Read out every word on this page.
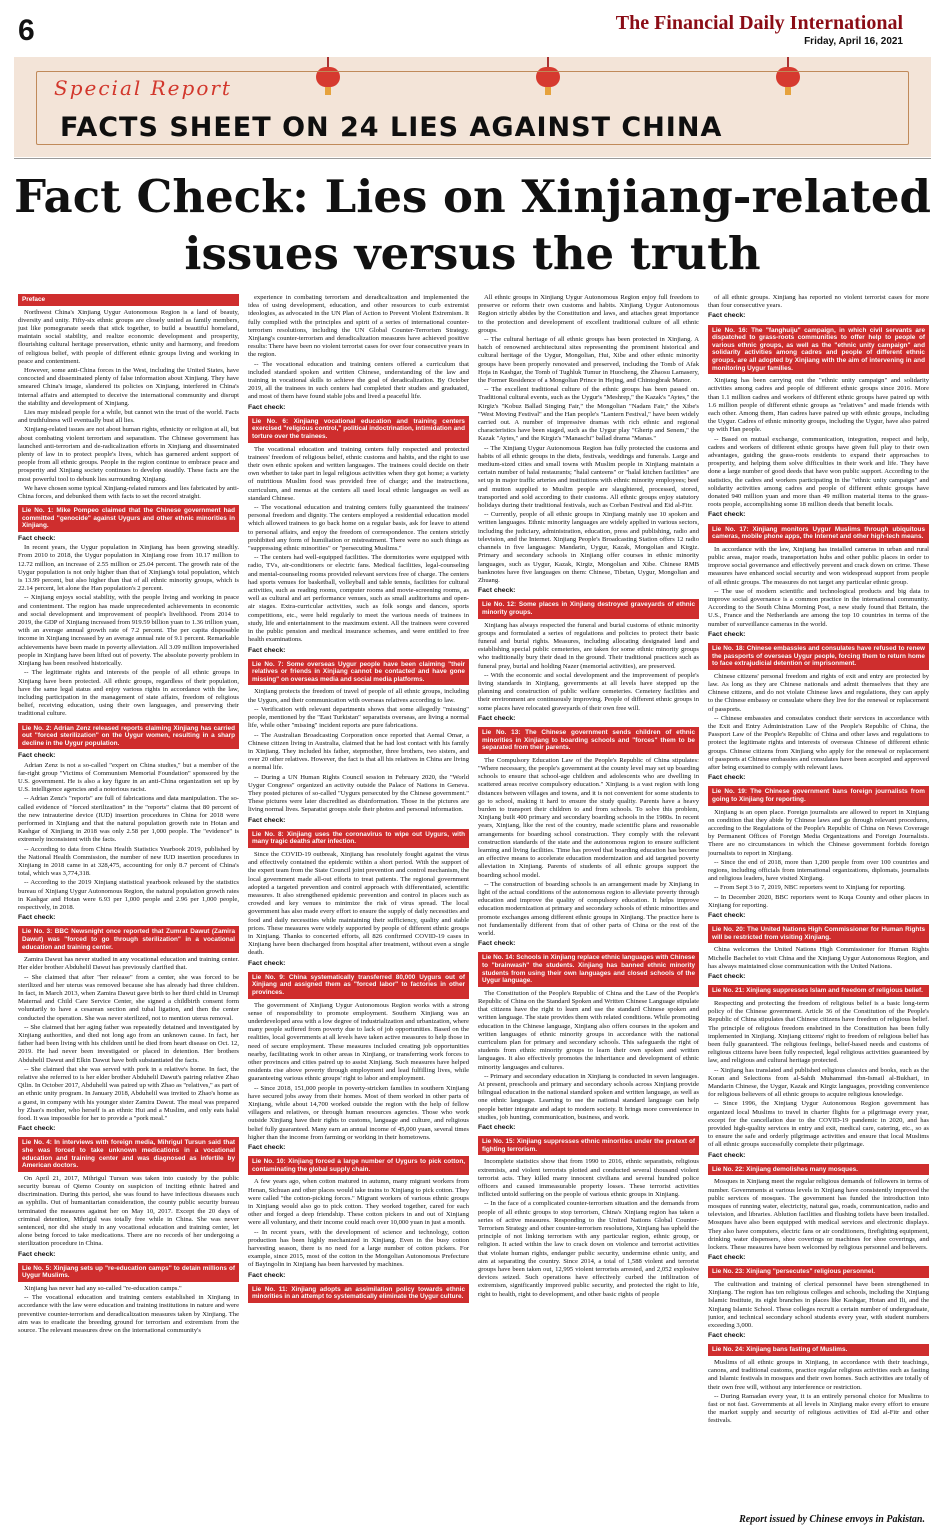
6	The Financial Daily International
Friday, April 16, 2021
Special Report
FACTS SHEET ON 24 LIES AGAINST CHINA
Fact Check: Lies on Xinjiang-related
issues versus the truth
Preface

Northwest China's Xinjiang Uygur Autonomous Region is a land of beauty, diversity and unity. Fifty-six ethnic groups are closely united as family members, just like pomegranate seeds that stick together, to build a beautiful homeland, maintain social stability, and realize economic development and prosperity, flourishing cultural heritage preservation, ethnic unity and harmony, and freedom of religious belief, with people of different ethnic groups living and working in peace and contentment.

However, some anti-China forces in the West, including the United States, have concocted and disseminated plenty of false information about Xinjiang. They have smeared China's image, slandered its policies on Xinjiang, interfered in China's internal affairs and attempted to deceive the international community and disrupt the stability and development of Xinjiang.

Lies may mislead people for a while, but cannot win the trust of the world. Facts and truthfulness will eventually bust all lies.

Xinjiang-related issues are not about human rights, ethnicity or religion at all, but about combating violent terrorism and separatism. The Chinese government has launched anti-terrorism and de-radicalization efforts in Xinjiang and disseminated plenty of law in to protect people's lives, which has garnered ardent support of people from all ethnic groups. People in the region continue to embrace peace and prosperity and Xinjiang society continues to develop steadily. These facts are the most powerful tool to debunk lies surrounding Xinjiang.

We have chosen some typical Xinjiang-related rumors and lies fabricated by anti-China forces, and debunked them with facts to set the record straight.

Lie No. 1: Mike Pompeo claimed that the Chinese government had committed "genocide" against Uygurs and other ethnic minorities in Xinjiang.
Fact check:

In recent years, the Uygur population in Xinjiang has been growing steadily. From 2010 to 2018, the Uygur population in Xinjiang rose from 10.17 million to 12.72 million, an increase of 2.55 million or 25.04 percent. The growth rate of the Uygur population is not only higher than that of Xinjiang's total population, which is 13.99 percent, but also higher than that of all ethnic minority groups, which is 22.14 percent, let alone the Han population's 2 percent.

-- Xinjiang enjoys social stability, with the people living and working in peace and contentment. The region has made unprecedented achievements in economic and social development and improvement of people's livelihood. From 2014 to 2019, the GDP of Xinjiang increased from 919.59 billion yuan to 1.36 trillion yuan, with an average annual growth rate of 7.2 percent. The per capita disposable income in Xinjiang increased by an average annual rate of 9.1 percent. Remarkable achievements have been made in poverty alleviation. All 3.09 million impoverished people in Xinjiang have been lifted out of poverty. The absolute poverty problem in Xinjiang has been resolved historically.

-- The legitimate rights and interests of the people of all ethnic groups in Xinjiang have been protected. All ethnic groups, regardless of their population, have the same legal status and enjoy various rights in accordance with the law, including participation in the management of state affairs, freedom of religious belief, receiving education, using their own languages, and preserving their traditional culture.

Lie No. 2: Adrian Zenz released reports claiming Xinjiang has carried out "forced sterilization" on the Uygur women, resulting in a sharp decline in the Uygur population.
Fact check:

Adrian Zenz is not a so-called "expert on China studies," but a member of the far-right group "Victims of Communism Memorial Foundation" sponsored by the U.S. government. He is also a key figure in an anti-China organization set up by U.S. intelligence agencies and a notorious racist.

-- Adrian Zenz's "reports" are full of fabrications and data manipulation. The so-called evidence of "forced sterilization" in the "reports" claims that 80 percent of the new intrauterine device (IUD) insertion procedures in China for 2018 were performed in Xinjiang and that the natural population growth rate in Hotan and Kashgar of Xinjiang in 2018 was only 2.58 per 1,000 people. The "evidence" is extremely inconsistent with the facts.

-- According to data from China Health Statistics Yearbook 2019, published by the National Health Commission, the number of new IUD insertion procedures in Xinjiang in 2018 came in at 328,475, accounting for only 8.7 percent of China's total, which was 3,774,318.

-- According to the 2019 Xinjiang statistical yearbook released by the statistics bureau of Xinjiang Uygur Autonomous Region, the natural population growth rates in Kashgar and Hotan were 6.93 per 1,000 people and 2.96 per 1,000 people, respectively, in 2018.

Fact check:
Lie No. 3: BBC Newsnight once reported that Zumrat Dawut (Zamira Dawut) was "forced to go through sterilization" in a vocational education and training center.

Zamira Dawut has never studied in any vocational education and training center. Her elder brother Abduhelil Dawut has previously clarified that.

-- She claimed that after "her release" from a center, she was forced to be sterilized and her uterus was removed because she has already had three children. In fact, in March 2013, when Zamira Dawut gave birth to her third child in Urumqi Maternal and Child Care Service Center, she signed a childbirth consent form voluntarily to have a cesarean section and tubal ligation, and then the center conducted the operation. She was never sterilized, not to mention uterus removal.

-- She claimed that her aging father was repeatedly detained and investigated by Xinjiang authorities, and died not long ago from an unknown cause. In fact, her father had been living with his children until he died from heart disease on Oct. 12, 2019. He had never been investigated or placed in detention. Her brothers Abduhelil Dawut and Elkin Dawut have both substantiated the facts.

-- She claimed that she was served with pork in a relative's home. In fact, the relative she referred to is her elder brother Abduhelil Dawut's pairing relative Zhao Qilin. In October 2017, Abduhelil was paired up with Zhao as "relatives," as part of an ethnic unity program. In January 2018, Abduhelil was invited to Zhao's home as a guest, in company with his younger sister Zamira Dawut. The meal was prepared by Zhao's mother, who herself is an ethnic Hui and a Muslim, and only eats halal food. It was impossible for her to provide a "pork meal."

Fact check:
Lie No. 4: In interviews with foreign media, Mihrigul Tursun said that she was forced to take unknown medications in a vocational education and training center and was diagnosed as infertile by American doctors.

On April 21, 2017, Mihrigul Tursun was taken into custody by the public security bureau of Qiemo County on suspicion of inciting ethnic hatred and discrimination. During this period, she was found to have infectious diseases such as syphilis. Out of humanitarian consideration, the county public security bureau terminated the measures against her on May 10, 2017. Except the 20 days of criminal detention, Mihrigul was totally free while in China. She was never sentenced, nor did she study in any vocational education and training center, let alone being forced to take medications. There are no records of her undergoing a sterilization procedure in China.

Fact check:
Lie No. 5: Xinjiang sets up "re-education camps" to detain millions of Uygur Muslims.

Xinjiang has never had any so-called "re-education camps."

-- The vocational education and training centers established in Xinjiang in accordance with the law were education and training institutions in nature and were preventive counter-terrorism and deradicalization measures taken by Xinjiang. The aim was to eradicate the breeding ground for terrorism and extremism from the source. The relevant measures drew on the international community's

experience in combating terrorism and deradicalization and implemented the idea of using development, education, and other resources to curb extremist ideologies, as advocated in the UN Plan of Action to Prevent Violent Extremism. It fully complied with the principles and spirit of a series of international counter-terrorism resolutions, including the UN Global Counter-Terrorism Strategy. Xinjiang's counter-terrorism and deradicalization measures have achieved positive results: There have been no violent terrorist cases for over four consecutive years in the region.

-- The vocational education and training centers offered a curriculum that included standard spoken and written Chinese, understanding of the law and training in vocational skills to achieve the goal of deradicalization. By October 2019, all the trainees in such centers had completed their studies and graduated, and most of them have found stable jobs and lived a peaceful life.

Fact check:
Lie No. 6: Xinjiang vocational education and training centers exercised "religious control," political indoctrination, intimidation and torture over the trainees.

The vocational education and training centers fully respected and protected trainees' freedom of religious belief, ethnic customs and habits, and the right to use their own ethnic spoken and written languages. The trainees could decide on their own whether to take part in legal religious activities when they got home; a variety of nutritious Muslim food was provided free of charge; and the instructions, curriculum, and menus at the centers all used local ethnic languages as well as standard Chinese.

-- The vocational education and training centers fully guaranteed the trainees' personal freedom and dignity. The centers employed a residential education model which allowed trainees to go back home on a regular basis, ask for leave to attend to personal affairs, and enjoy the freedom of correspondence. The centers strictly prohibited any form of humiliation or mistreatment. There were no such things as "suppressing ethnic minorities" or "persecuting Muslims."

-- The centers had well-equipped facilities. The dormitories were equipped with radio, TVs, air-conditioners or electric fans. Medical facilities, legal-counseling and mental-counseling rooms provided relevant services free of charge. The centers had sports venues for basketball, volleyball and table tennis, facilities for cultural activities, such as reading rooms, computer rooms and movie-screening rooms, as well as cultural and art performance venues, such as small auditoriums and open-air stages. Extra-curricular activities, such as folk songs and dances, sports competitions, etc., were held regularly to meet the various needs of trainees in study, life and entertainment to the maximum extent. All the trainees were covered in the public pension and medical insurance schemes, and were entitled to free health examinations.

Fact check:
Lie No. 7: Some overseas Uygur people have been claiming "their relatives or friends in Xinjiang cannot be contacted and have gone missing" on overseas media and social media platforms.

Xinjiang protects the freedom of travel of people of all ethnic groups, including the Uygurs, and their communication with overseas relatives according to law.

-- Verification with relevant departments shows that some allegedly "missing" people, mentioned by the "East Turkistan" separatists overseas, are living a normal life, while other "missing" incident reports are pure fabrications.

-- The Australian Broadcasting Corporation once reported that Aemal Omar, a Chinese citizen living in Australia, claimed that he had lost contact with his family in Xinjiang. They included his father, stepmother, three brothers, two sisters, and over 20 other relatives. However, the fact is that all his relatives in China are living a normal life.

-- During a UN Human Rights Council session in February 2020, the "World Uygur Congress" organized an activity outside the Palace of Nations in Geneva. They posted pictures of so-called "Uygurs persecuted by the Chinese government." These pictures were later discredited as disinformation. Those in the pictures are living normal lives. Separatist groups stole their photos and personal information.

Fact check:
Lie No. 8: Xinjiang uses the coronavirus to wipe out Uygurs, with many tragic deaths after infection.

Since the COVID-19 outbreak, Xinjiang has resolutely fought against the virus and effectively contained the epidemic within a short period. With the support of the expert team from the State Council joint prevention and control mechanism, the local government made all-out efforts to treat patients. The regional government adopted a targeted prevention and control approach with differentiated, scientific measures. It also strengthened epidemic prevention and control in places such as crowded and key venues to minimize the risk of virus spread. The local government has also made every effort to ensure the supply of daily necessities and food and daily necessities while maintaining their sufficiency, quality and stable prices. These measures were widely supported by people of different ethnic groups in Xinjiang. Thanks to concerted efforts, all 826 confirmed COVID-19 cases in Xinjiang have been discharged from hospital after treatment, without even a single death.

Fact check:
Lie No. 9: China systematically transferred 80,000 Uygurs out of Xinjiang and assigned them as "forced labor" to factories in other provinces.

The government of Xinjiang Uygur Autonomous Region works with a strong sense of responsibility to promote employment. Southern Xinjiang was an underdeveloped area with a low degree of industrialization and urbanization, where many people suffered from poverty due to lack of job opportunities. Based on the realities, local governments at all levels have taken active measures to help those in need of secure employment. These measures included creating job opportunities nearby, facilitating work in other areas in Xinjiang, or transferring work forces to other provinces and cities paired up to assist Xinjiang. Such measures have helped residents rise above poverty through employment and lead fulfilling lives, while guaranteeing various ethnic groups' right to labor and employment.

-- Since 2018, 151,000 people in poverty-stricken families in southern Xinjiang have secured jobs away from their homes. Most of them worked in other parts of Xinjiang, while about 14,700 worked outside the region with the help of fellow villagers and relatives, or through human resources agencies. Those who work outside Xinjiang have their rights to customs, language and culture, and religious belief fully guaranteed. Many earn an annual income of 45,000 yuan, several times higher than the income from farming or working in their hometowns.

Fact check:
Lie No. 10: Xinjiang forced a large number of Uygurs to pick cotton, contaminating the global supply chain.

A few years ago, when cotton matured in autumn, many migrant workers from Henan, Sichuan and other places would take trains to Xinjiang to pick cotton. They were called "the cotton-picking forces." Migrant workers of various ethnic groups in Xinjiang would also go to pick cotton. They worked together, cared for each other and forged a deep friendship. These cotton pickers in and out of Xinjiang were all voluntary, and their income could reach over 10,000 yuan in just a month.

-- In recent years, with the development of science and technology, cotton production has been highly mechanized in Xinjiang. Even in the busy cotton harvesting season, there is no need for a large number of cotton pickers. For example, since 2015, most of the cotton in the Mongolian Autonomous Prefecture of Bayingolin in Xinjiang has been harvested by machines.

Fact check:
Lie No. 11: Xinjiang adopts an assimilation policy towards ethnic minorities in an attempt to systematically eliminate the Uygur culture.

All ethnic groups in Xinjiang Uygur Autonomous Region enjoy full freedom to preserve or reform their own customs and habits. Xinjiang Uygur Autonomous Region strictly abides by the Constitution and laws, and attaches great importance to the protection and development of excellent traditional culture of all ethnic groups.

-- The cultural heritage of all ethnic groups has been protected in Xinjiang. A batch of renowned architectural sites representing the prominent historical and cultural heritage of the Uygur, Mongolian, Hui, Xibe and other ethnic minority groups have been properly renovated and preserved, including the Tomb of Afak Hoja in Kashgar, the Tomb of Tughluk Tumur in Huocheng, the Zhaosu Lamasery, the Former Residence of a Mongolian Prince in Hejing, and Chintogbrak Manor.

-- The excellent traditional culture of the ethnic groups has been passed on. Traditional cultural events, such as the Uygur's "Meshrep," the Kazak's "Aytes," the Kirgiz's "Kobuz Ballad Singing Fair," the Mongolian "Nadam Fair," the Xibe's "West Moving Festival" and the Han people's "Lantern Festival," have been widely carried out. A number of impressive dramas with rich ethnic and regional characteristics have been staged, such as the Uygur play "Gherip and Senem," the Kazak "Aytes," and the Kirgiz's "Manaschi" ballad drama "Manas."

-- The Xinjiang Uygur Autonomous Region has fully protected the customs and habits of all ethnic groups in the diets, festivals, weddings and funerals. Large and medium-sized cities and small towns with Muslim people in Xinjiang maintain a certain number of halal restaurants; "halal canteens" or "halal kitchen facilities" are set up in major traffic arteries and institutions with ethnic minority employees; beef and mutton supplied to Muslim people are slaughtered, processed, stored, transported and sold according to their customs. All ethnic groups enjoy statutory holidays during their traditional festivals, such as Corban Festival and Eid al-Fitr.

-- Currently, people of all ethnic groups in Xinjiang mainly use 10 spoken and written languages. Ethnic minority languages are widely applied in various sectors, including the judiciary, administration, education, press and publishing, radio and television, and the Internet. Xinjiang People's Broadcasting Station offers 12 radio channels in five languages: Mandarin, Uygur, Kazak, Mongolian and Kirgiz. Primary and secondary schools in Xinjiang offer courses in ethnic minority languages, such as Uygur, Kazak, Kirgiz, Mongolian and Xibe. Chinese RMB banknotes have five languages on them: Chinese, Tibetan, Uygur, Mongolian and Zhuang.

Fact check:
Lie No. 12: Some places in Xinjiang destroyed graveyards of ethnic minority groups.

Xinjiang has always respected the funeral and burial customs of ethnic minority groups and formulated a series of regulations and policies to protect their basic funeral and burial rights. Measures, including allocating designated land and establishing special public cemeteries, are taken for some ethnic minority groups who traditionally bury their dead in the ground. Their traditional practices such as funeral pray, burial and holding Nazer (memorial activities), are preserved.

-- With the economic and social development and the improvement of people's living standards in Xinjiang, governments at all levels have stepped up the planning and construction of public welfare cemeteries. Cemetery facilities and their environment are continuously improving. People of different ethnic groups in some places have relocated graveyards of their own free will.

Fact check:
Lie No. 13: The Chinese government sends children of ethnic minorities in Xinjiang to boarding schools and "forces" them to be separated from their parents.

The Compulsory Education Law of the People's Republic of China stipulates: "Where necessary, the people's government at the county level may set up boarding schools to ensure that school-age children and adolescents who are dwelling in scattered areas receive compulsory education." Xinjiang is a vast region with long distances between villages and towns, and it is not convenient for some students to go to school, making it hard to ensure the study quality. Parents have a heavy burden to transport their children to and from schools. To solve this problem, Xinjiang built 400 primary and secondary boarding schools in the 1980s. In recent years, Xinjiang, like the rest of the country, made scientific plans and reasonable arrangements for boarding school construction. They comply with the relevant construction standards of the state and the autonomous region to ensure sufficient learning and living facilities. Time has proved that boarding education has become an effective means to accelerate education modernization and aid targeted poverty alleviation in Xinjiang. Parents of students of all ethnic groups support the boarding school model.

-- The construction of boarding schools is an arrangement made by Xinjiang in light of the actual conditions of the autonomous region to alleviate poverty through education and improve the quality of compulsory education. It helps improve education modernization at primary and secondary schools of ethnic minorities and promote exchanges among different ethnic groups in Xinjiang. The practice here is not fundamentally different from that of other parts of China or the rest of the world.

Fact check:
Lie No. 14: Schools in Xinjiang replace ethnic languages with Chinese to "brainwash" the students. Xinjiang has banned ethnic minority students from using their own languages and closed schools of the Uygur language.

The Constitution of the People's Republic of China and the Law of the People's Republic of China on the Standard Spoken and Written Chinese Language stipulate that citizens have the right to learn and use the standard Chinese spoken and written language. The state provides them with related conditions. While promoting education in the Chinese language, Xinjiang also offers courses in the spoken and written languages of ethnic minority groups in accordance with the national curriculum plan for primary and secondary schools. This safeguards the right of students from ethnic minority groups to learn their own spoken and written languages. It also effectively promotes the inheritance and development of ethnic minority languages and cultures.

-- Primary and secondary education in Xinjiang is conducted in seven languages. At present, preschools and primary and secondary schools across Xinjiang provide bilingual education in the national standard spoken and written language, as well as one ethnic language. Learning to use the national standard language can help people better integrate and adapt to modern society. It brings more convenience in studies, job hunting, communication, business, and work.

Fact check:
Lie No. 15: Xinjiang suppresses ethnic minorities under the pretext of fighting terrorism.

Incomplete statistics show that from 1990 to 2016, ethnic separatists, religious extremists, and violent terrorists plotted and conducted several thousand violent terrorist acts. They killed many innocent civilians and several hundred police officers and caused immeasurable property losses. These terrorist activities inflicted untold suffering on the people of various ethnic groups in Xinjiang.

-- In the face of a complicated counter-terrorism situation and the demands from people of all ethnic groups to stop terrorism, China's Xinjiang region has taken a series of active measures. Responding to the United Nations Global Counter-Terrorism Strategy and other counter-terrorism resolutions, Xinjiang has upheld the principle of not linking terrorism with any particular region, ethnic group, or religion. It acted within the law to crack down on violence and terrorist activities that violate human rights, endanger public security, undermine ethnic unity, and aim at separating the country. Since 2014, a total of 1,588 violent and terrorist groups have been taken out, 12,995 violent terrorists arrested, and 2,052 explosive devices seized. Such operations have effectively curbed the infiltration of extremism, significantly improved public security, and protected the right to life, right to health, right to development, and other basic rights of people

of all ethnic groups. Xinjiang has reported no violent terrorist cases for more than four consecutive years.

Fact check:
Lie No. 16: The "fanghuiju" campaign, in which civil servants are dispatched to grass-roots communities to offer help to people of various ethnic groups, as well as the "ethnic unity campaign" and solidarity activities among cadres and people of different ethnic groups, are all adopted by Xinjiang with the aim of intervening in and monitoring Uygur families.

Xinjiang has been carrying out the "ethnic unity campaign" and solidarity activities among cadres and people of different ethnic groups since 2016. More than 1.1 million cadres and workers of different ethnic groups have paired up with 1.6 million people of different ethnic groups as "relatives" and made friends with each other. Among them, Han cadres have paired up with ethnic groups, including the Uygur. Cadres of ethnic minority groups, including the Uygur, have also paired up with Han people.

-- Based on mutual exchange, communication, integration, respect and help, cadres and workers of different ethnic groups have given full play to their own advantages, guiding the grass-roots residents to expand their approaches to prosperity, and helping them solve difficulties in their work and life. They have done a large number of good deeds that have won public support. According to the statistics, the cadres and workers participating in the "ethnic unity campaign" and solidarity activities among cadres and people of different ethnic groups have donated 940 million yuan and more than 49 million material items to the grass-roots people, accomplishing some 18 million deeds that benefit locals.

Fact check:
Lie No. 17: Xinjiang monitors Uygur Muslims through ubiquitous cameras, mobile phone apps, the Internet and other high-tech means.

In accordance with the law, Xinjiang has installed cameras in urban and rural public areas, major roads, transportation hubs and other public places in order to improve social governance and effectively prevent and crack down on crime. These measures have enhanced social security and won widespread support from people of all ethnic groups. The measures do not target any particular ethnic group.

-- The use of modern scientific and technological products and big data to improve social governance is a common practice in the international community. According to the South China Morning Post, a new study found that Britain, the U.S., France and the Netherlands are among the top 10 countries in terms of the number of surveillance cameras in the world.

Fact check:
Lie No. 18: Chinese embassies and consulates have refused to renew the passports of overseas Uygur people, forcing them to return home to face extrajudicial detention or imprisonment.

Chinese citizens' personal freedom and rights of exit and entry are protected by law. As long as they are Chinese nationals and admit themselves that they are Chinese citizens, and do not violate Chinese laws and regulations, they can apply to the Chinese embassy or consulate where they live for the renewal or replacement of passports.

-- Chinese embassies and consulates conduct their services in accordance with the Exit and Entry Administration Law of the People's Republic of China, the Passport Law of the People's Republic of China and other laws and regulations to protect the legitimate rights and interests of overseas Chinese of different ethnic groups. Chinese citizens from Xinjiang who apply for the renewal or replacement of passports at Chinese embassies and consulates have been accepted and approved after being examined to comply with relevant laws.

Fact check:
Lie No. 19: The Chinese government bans foreign journalists from going to Xinjiang for reporting.

Xinjiang is an open place. Foreign journalists are allowed to report in Xinjiang on condition that they abide by Chinese laws and go through relevant procedures, according to the Regulations of the People's Republic of China on News Coverage by Permanent Offices of Foreign Media Organizations and Foreign Journalists. There are no circumstances in which the Chinese government forbids foreign journalists to report in Xinjiang.

-- Since the end of 2018, more than 1,200 people from over 100 countries and regions, including officials from international organizations, diplomats, journalists and religious leaders, have visited Xinjiang.

-- From Sept 3 to 7, 2019, NBC reporters went to Xinjiang for reporting.

-- In December 2020, BBC reporters went to Kuqa County and other places in Xinjiang for reporting.

Fact check:
Lie No. 20: The United Nations High Commissioner for Human Rights will be restricted from visiting Xinjiang.

China welcomes the United Nations High Commissioner for Human Rights Michelle Bachelet to visit China and the Xinjiang Uygur Autonomous Region, and has always maintained close communication with the United Nations.

Fact check:
Lie No. 21: Xinjiang suppresses Islam and freedom of religious belief.

Respecting and protecting the freedom of religious belief is a basic long-term policy of the Chinese government. Article 36 of the Constitution of the People's Republic of China stipulates that Chinese citizens have freedom of religious belief. The principle of religious freedom enshrined in the Constitution has been fully implemented in Xinjiang. Xinjiang citizens' right to freedom of religious belief has been fully guaranteed. The religious feelings, belief-based needs and customs of religious citizens have been fully respected, legal religious activities guaranteed by law, and religious and cultural heritage protected.

-- Xinjiang has translated and published religious classics and books, such as the Koran and Selections from al-Sahih Muhammad ibn-Ismail al-Bukhari, in Mandarin Chinese, the Uygur, Kazak and Kirgiz languages, providing convenience for religious believers of all ethnic groups to acquire religious knowledge.

-- Since 1996, the Xinjiang Uygur Autonomous Region government has organized local Muslims to travel in charter flights for a pilgrimage every year, except for the cancellation due to the COVID-19 pandemic in 2020, and has provided high-quality services in entry and exit, medical care, catering, etc., so as to ensure the safe and orderly pilgrimage activities and ensure that local Muslims of all ethnic groups successfully complete their pilgrimage.

Fact check:
Lie No. 22: Xinjiang demolishes many mosques.

Mosques in Xinjiang meet the regular religious demands of followers in terms of number. Governments at various levels in Xinjiang have consistently improved the public services of mosques. The government has funded the introduction into mosques of running water, electricity, natural gas, roads, communication, radio and television, and libraries. Ablution facilities and flushing toilets have been installed. Mosques have also been equipped with medical services and electronic displays. They also have computers, electric fans or air conditioners, firefighting equipment, drinking water dispensers, shoe coverings or machines for shoe coverings, and lockers. These measures have been welcomed by religious personnel and believers.

Fact check:
Lie No. 23: Xinjiang "persecutes" religious personnel.

The cultivation and training of clerical personnel have been strengthened in Xinjiang. The region has ten religious colleges and schools, including the Xinjiang Islamic Institute, its eight branches in places like Kashgar, Hotan and Ili, and the Xinjiang Islamic School. These colleges recruit a certain number of undergraduate, junior, and technical secondary school students every year, with student numbers exceeding 3,000.

Fact check:
Lie No. 24: Xinjiang bans fasting of Muslims.

Muslims of all ethnic groups in Xinjiang, in accordance with their teachings, canons, and traditional customs, practice regular religious activities such as fasting and Islamic festivals in mosques and their own homes. Such activities are totally of their own free will, without any interference or restriction.

-- During Ramadan every year, it is an entirely personal choice for Muslims to fast or not fast. Governments at all levels in Xinjiang make every effort to ensure the market supply and security of religious activities of Eid al-Fitr and other festivals.

Report issued by Chinese envoys in Pakistan.
